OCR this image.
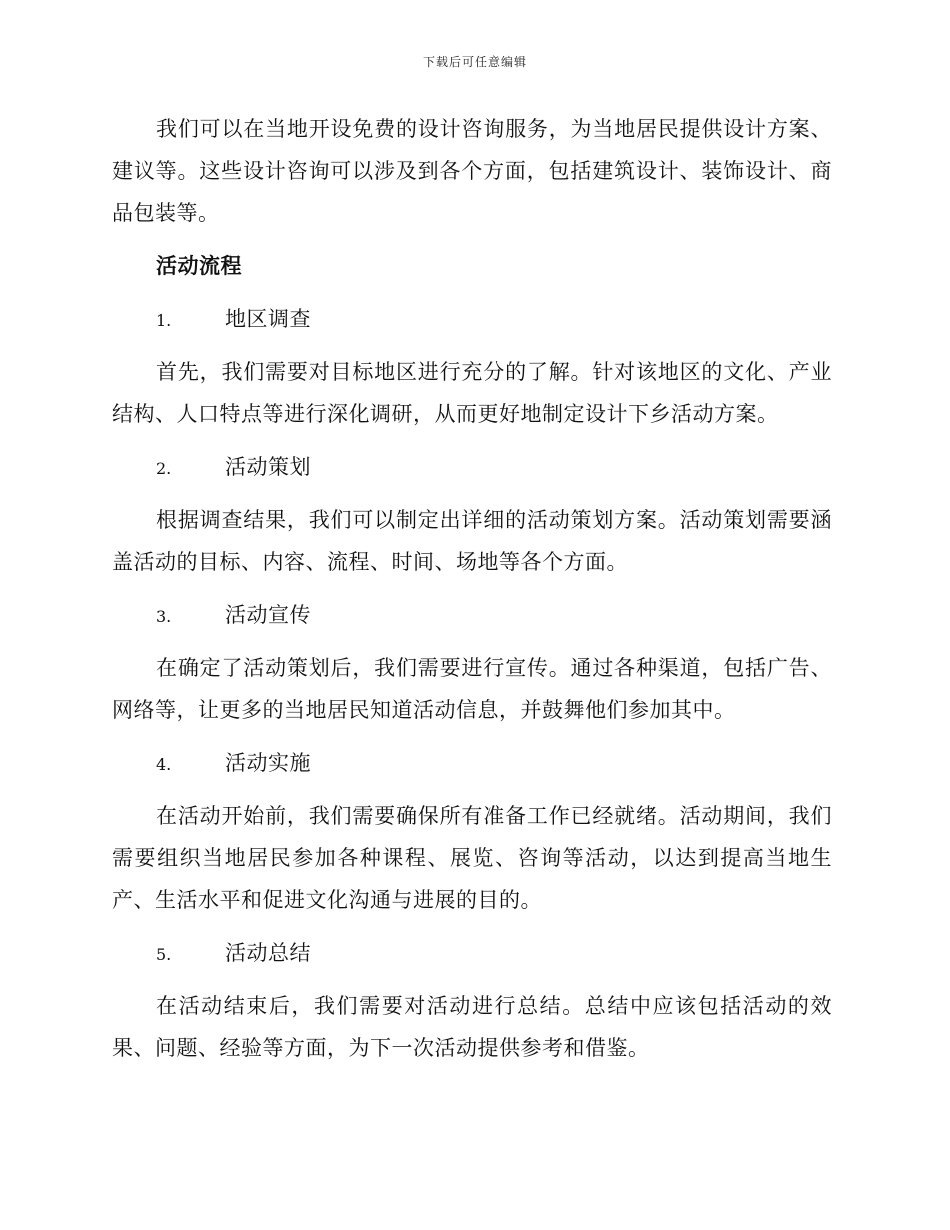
下载后可任意编辑

我们可以在当地开设免费的设计咨询服务，为当地居民提供设计方案、建议等。这些设计咨询可以涉及到各个方面，包括建筑设计、装饰设计、商品包装等。

活动流程
1.	地区调查

首先，我们需要对目标地区进行充分的了解。针对该地区的文化、产业结构、人口特点等进行深化调研，从而更好地制定设计下乡活动方案。

2.	活动策划

根据调查结果，我们可以制定出详细的活动策划方案。活动策划需要涵盖活动的目标、内容、流程、时间、场地等各个方面。

3.	活动宣传

在确定了活动策划后，我们需要进行宣传。通过各种渠道，包括广告、网络等，让更多的当地居民知道活动信息，并鼓舞他们参加其中。

4.	活动实施

在活动开始前，我们需要确保所有准备工作已经就绪。活动期间，我们需要组织当地居民参加各种课程、展览、咨询等活动，以达到提高当地生产、生活水平和促进文化沟通与进展的目的。

5.	活动总结

在活动结束后，我们需要对活动进行总结。总结中应该包括活动的效果、问题、经验等方面，为下一次活动提供参考和借鉴。
